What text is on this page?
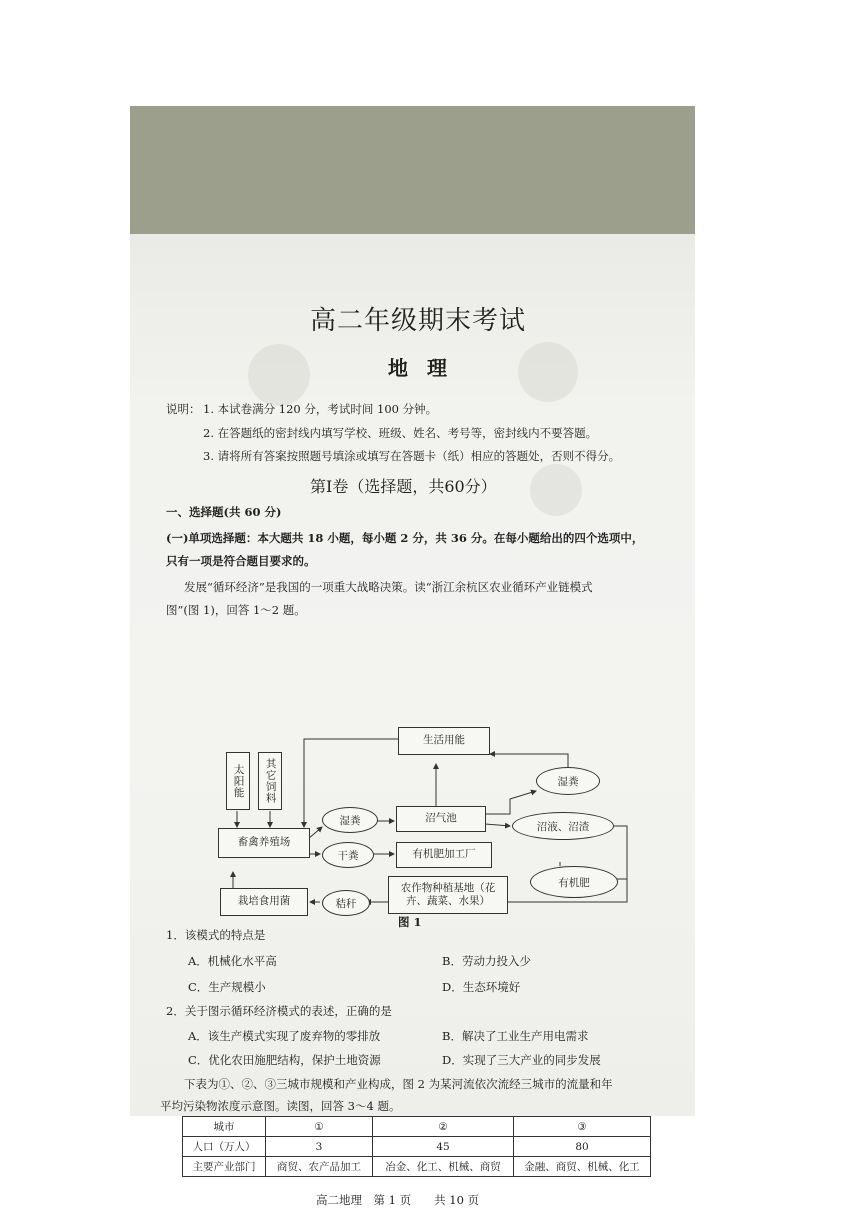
高二年级期末考试
地 理
说明： 1. 本试卷满分 120 分，考试时间 100 分钟。
2. 在答题纸的密封线内填写学校、班级、姓名、考号等，密封线内不要答题。
3. 请将所有答案按照题号填涂或填写在答题卡（纸）相应的答题处，否则不得分。
第Ⅰ卷（选择题，共60分）
一、选择题(共 60 分)
(一)单项选择题：本大题共 18 小题，每小题 2 分，共 36 分。在每小题给出的四个选项中，
只有一项是符合题目要求的。
发展“循环经济”是我国的一项重大战略决策。读“浙江余杭区农业循环产业链模式
图”(图 1)，回答 1～2 题。
太阳能 其它饲料
生活用能
湿粪
湿粪	沼气池
沼液、沼渣
畜禽养殖场
干粪	有机肥加工厂
有机肥
栽培食用菌	秸秆
农作物种植基地（花卉、蔬菜、水果）
图 1
1．该模式的特点是
A．机械化水平高	B．劳动力投入少
C．生产规模小	D．生态环境好
2．关于图示循环经济模式的表述，正确的是
A．该生产模式实现了废弃物的零排放	B．解决了工业生产用电需求
C．优化农田施肥结构，保护土地资源	D．实现了三大产业的同步发展
下表为①、②、③三城市规模和产业构成，图 2 为某河流依次流经三城市的流量和年
平均污染物浓度示意图。读图，回答 3～4 题。
城市	①	②	③
人口（万人）	3	45	80
主要产业部门	商贸、农产品加工	冶金、化工、机械、商贸	金融、商贸、机械、化工
高二地理　第 1 页　　共 10 页
